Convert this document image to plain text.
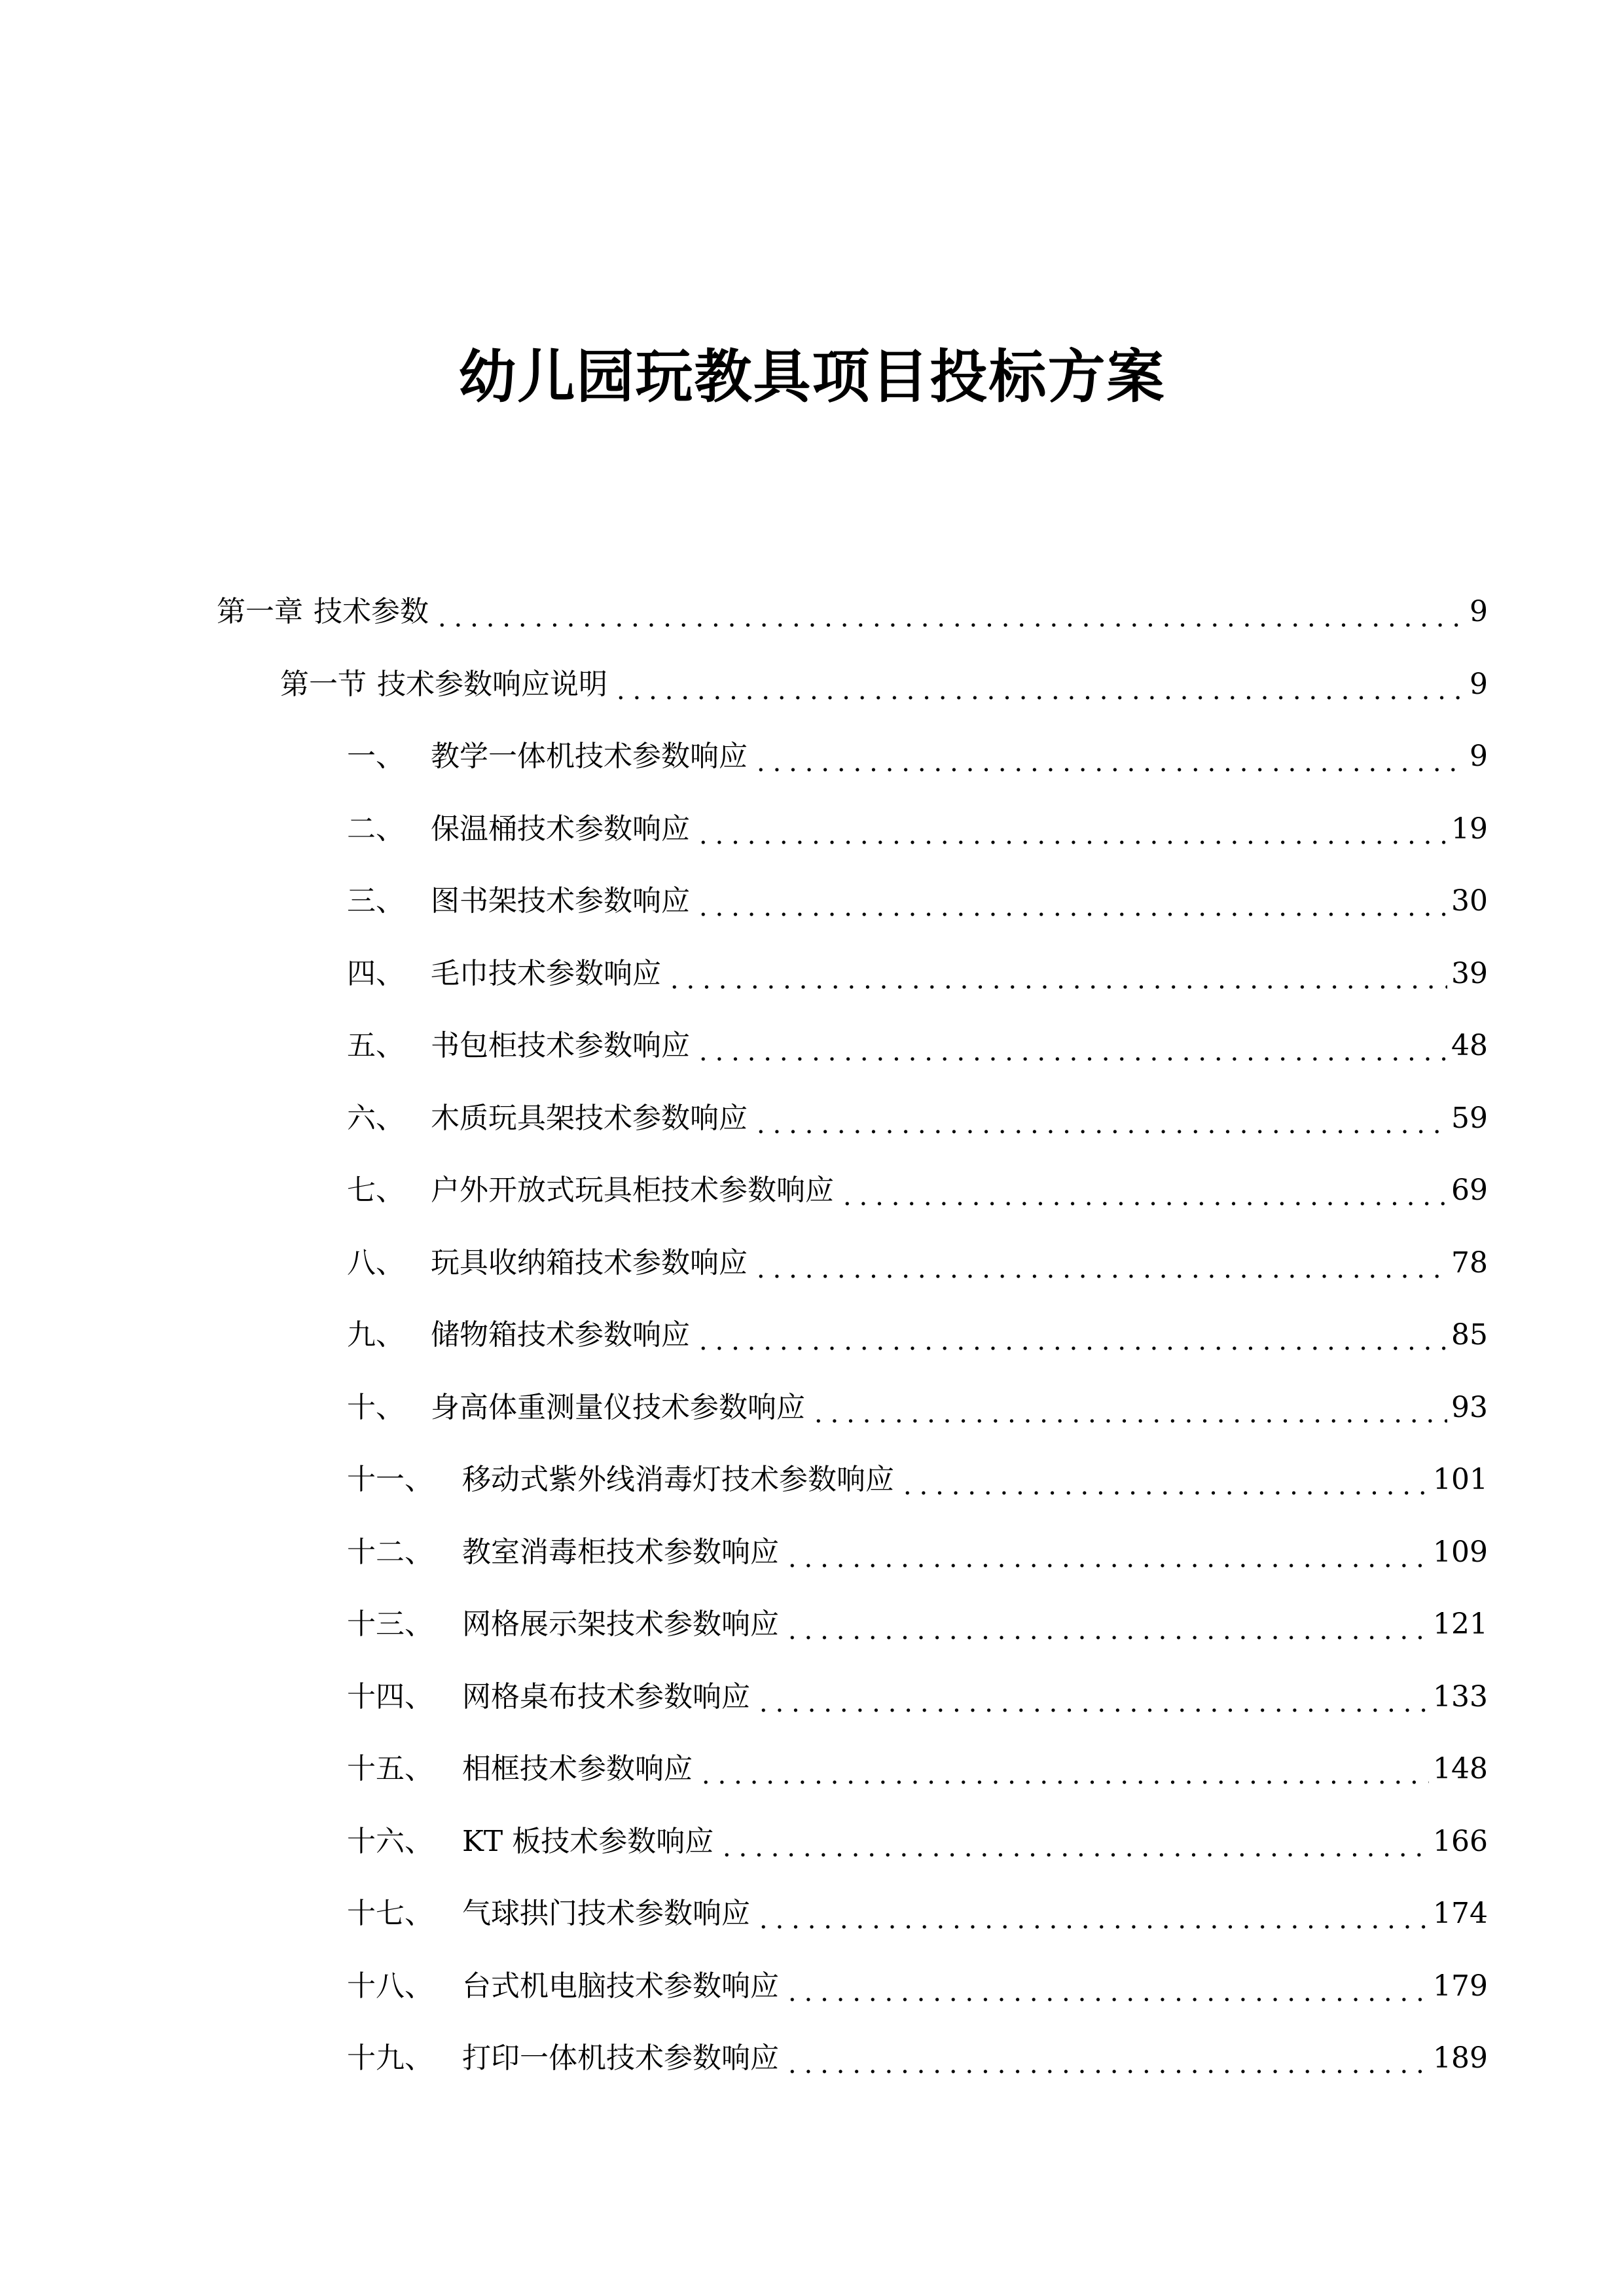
幼儿园玩教具项目投标方案
第一章 技术参数	9
第一节 技术参数响应说明	9
一、 教学一体机技术参数响应	9
二、 保温桶技术参数响应	19
三、 图书架技术参数响应	30
四、 毛巾技术参数响应	39
五、 书包柜技术参数响应	48
六、 木质玩具架技术参数响应	59
七、 户外开放式玩具柜技术参数响应	69
八、 玩具收纳箱技术参数响应	78
九、 储物箱技术参数响应	85
十、 身高体重测量仪技术参数响应	93
十一、	移动式紫外线消毒灯技术参数响应	101
十二、	教室消毒柜技术参数响应	109
十三、	网格展示架技术参数响应	121
十四、	网格桌布技术参数响应	133
十五、	相框技术参数响应	148
十六、	KT 板技术参数响应	166
十七、	气球拱门技术参数响应	174
十八、	台式机电脑技术参数响应	179
十九、	打印一体机技术参数响应	189
